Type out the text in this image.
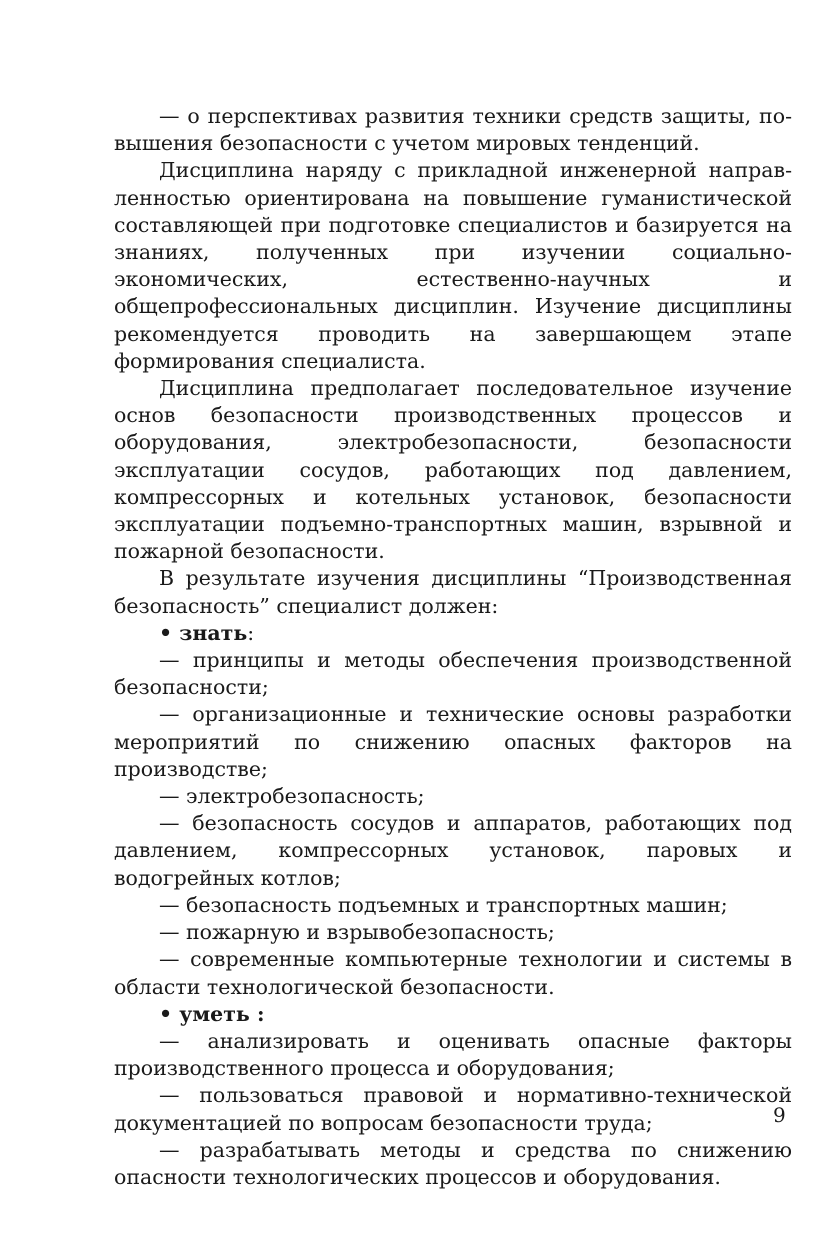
— о перспективах развития техники средств защиты, повышения безопасности с учетом мировых тенденций.

Дисциплина наряду с прикладной инженерной направленностью ориентирована на повышение гуманистической составляющей при подготовке специалистов и базируется на знаниях, полученных при изучении социально-экономических, естественно-научных и общепрофессиональных дисциплин. Изучение дисциплины рекомендуется проводить на завершающем этапе формирования специалиста.

Дисциплина предполагает последовательное изучение основ безопасности производственных процессов и оборудования, электробезопасности, безопасности эксплуатации сосудов, работающих под давлением, компрессорных и котельных установок, безопасности эксплуатации подъемно-транспортных машин, взрывной и пожарной безопасности.

В результате изучения дисциплины “Производственная безопасность” специалист должен:

• знать:

— принципы и методы обеспечения производственной безопасности;

— организационные и технические основы разработки мероприятий по снижению опасных факторов на производстве;

— электробезопасность;

— безопасность сосудов и аппаратов, работающих под давлением, компрессорных установок, паровых и водогрейных котлов;

— безопасность подъемных и транспортных машин;

— пожарную и взрывобезопасность;

— современные компьютерные технологии и системы в области технологической безопасности.

• уметь :

— анализировать и оценивать опасные факторы производственного процесса и оборудования;

— пользоваться правовой и нормативно-технической документацией по вопросам безопасности труда;

— разрабатывать методы и средства по снижению опасности технологических процессов и оборудования.

9
